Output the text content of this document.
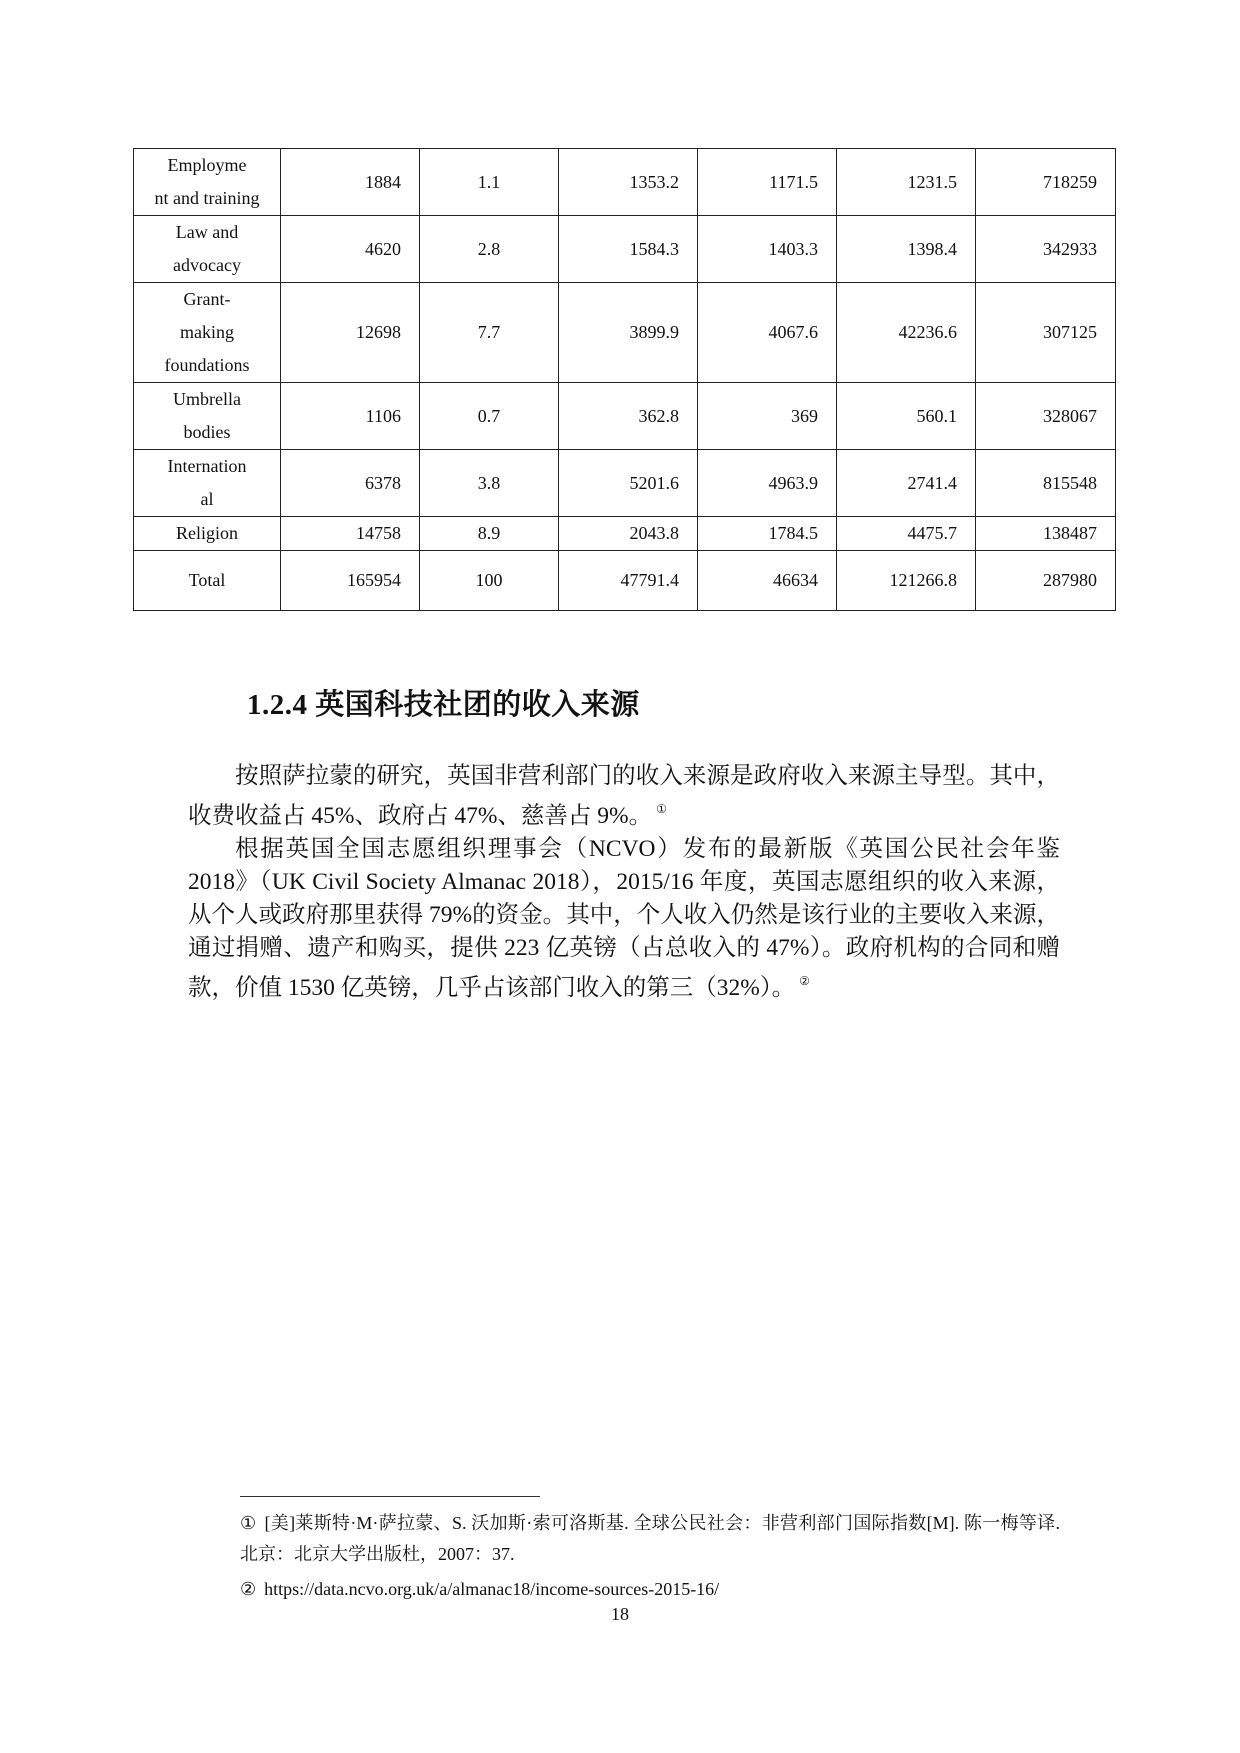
Employme
nt and training	1884	1.1	1353.2	1171.5	1231.5	718259
Law and
advocacy	4620	2.8	1584.3	1403.3	1398.4	342933
Grant-
making
foundations	12698	7.7	3899.9	4067.6	42236.6	307125
Umbrella
bodies	1106	0.7	362.8	369	560.1	328067
Internation
al	6378	3.8	5201.6	4963.9	2741.4	815548
Religion	14758	8.9	2043.8	1784.5	4475.7	138487
Total	165954	100	47791.4	46634	121266.8	287980
1.2.4 英国科技社团的收入来源

按照萨拉蒙的研究，英国非营利部门的收入来源是政府收入来源主导型。其中，收费收益占 45%、政府占 47%、慈善占 9%。 ①

根据英国全国志愿组织理事会（NCVO）发布的最新版《英国公民社会年鉴 2018》（UK Civil Society Almanac 2018），2015/16 年度，英国志愿组织的收入来源，从个人或政府那里获得 79%的资金。其中，个人收入仍然是该行业的主要收入来源，通过捐赠、遗产和购买，提供 223 亿英镑（占总收入的 47%）。政府机构的合同和赠款，价值 1530 亿英镑，几乎占该部门收入的第三（32%）。 ②

① [美]莱斯特·M·萨拉蒙、S. 沃加斯·索可洛斯基. 全球公民社会：非营利部门国际指数[M]. 陈一梅等译. 北京：北京大学出版杜，2007：37.

② https://data.ncvo.org.uk/a/almanac18/income-sources-2015-16/

18
